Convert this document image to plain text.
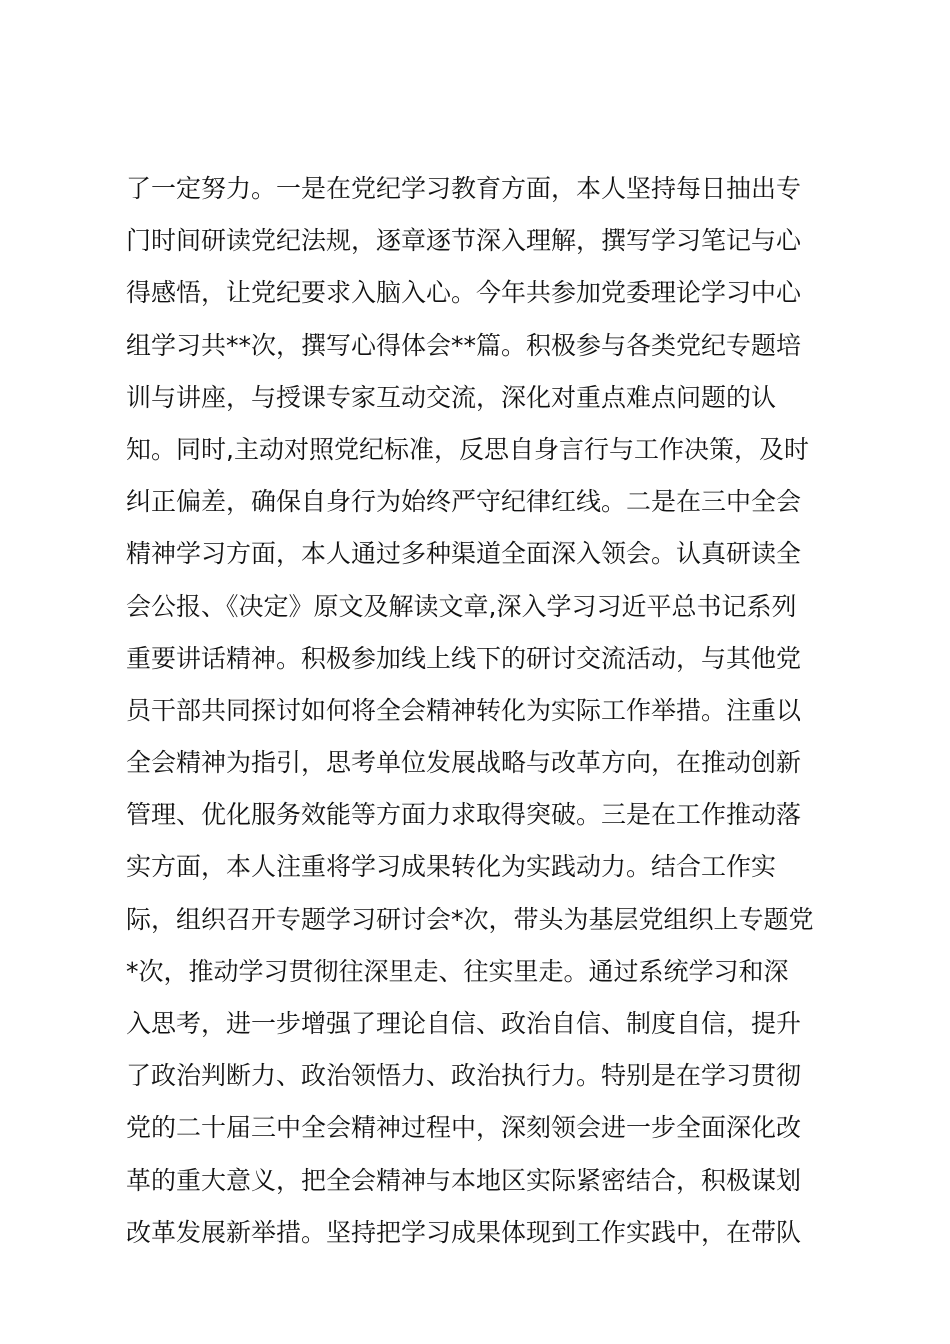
了一定努力。一是在党纪学习教育方面，本人坚持每日抽出专
门时间研读党纪法规，逐章逐节深入理解，撰写学习笔记与心
得感悟，让党纪要求入脑入心。今年共参加党委理论学习中心
组学习共**次，撰写心得体会**篇。积极参与各类党纪专题培
训与讲座，与授课专家互动交流，深化对重点难点问题的认
知。同时,主动对照党纪标准，反思自身言行与工作决策，及时
纠正偏差，确保自身行为始终严守纪律红线。二是在三中全会
精神学习方面，本人通过多种渠道全面深入领会。认真研读全
会公报、《决定》原文及解读文章,深入学习习近平总书记系列
重要讲话精神。积极参加线上线下的研讨交流活动，与其他党
员干部共同探讨如何将全会精神转化为实际工作举措。注重以
全会精神为指引，思考单位发展战略与改革方向，在推动创新
管理、优化服务效能等方面力求取得突破。三是在工作推动落
实方面，本人注重将学习成果转化为实践动力。结合工作实
际，组织召开专题学习研讨会*次，带头为基层党组织上专题党
*次，推动学习贯彻往深里走、往实里走。通过系统学习和深
入思考，进一步增强了理论自信、政治自信、制度自信，提升
了政治判断力、政治领悟力、政治执行力。特别是在学习贯彻
党的二十届三中全会精神过程中，深刻领会进一步全面深化改
革的重大意义，把全会精神与本地区实际紧密结合，积极谋划
改革发展新举措。坚持把学习成果体现到工作实践中，在带队
